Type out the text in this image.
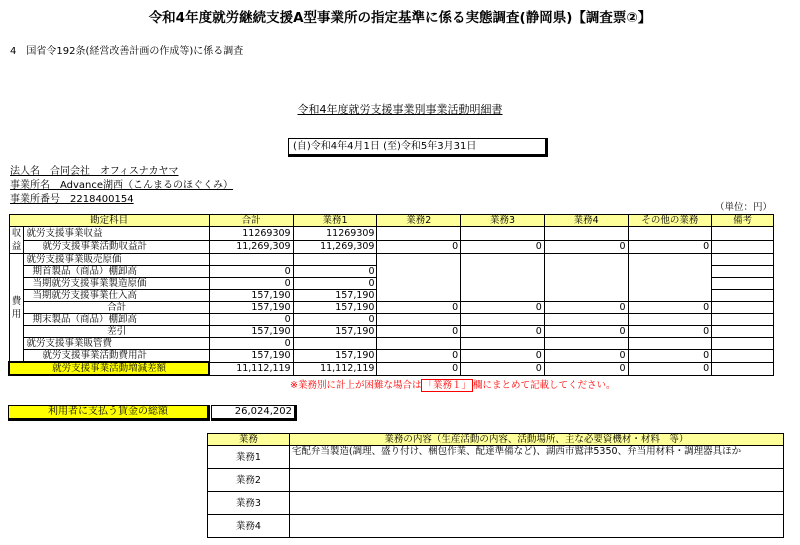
令和4年度就労継続支援A型事業所の指定基準に係る実態調査(静岡県)【調査票②】
4　国省令192条(経営改善計画の作成等)に係る調査
令和4年度就労支援事業別事業活動明細書
(自)令和4年4月1日 (至)令和5年3月31日
法人名　合同会社　オフィスナカヤマ
事業所名　Advance湖西（こんまるのほぐくみ）
事業所番号　2218400154
（単位：円）
勘定科目		合計	業務1	業務2	業務3	業務4	その他の業務	備考
収益	就労支援事業収益	11269309	11269309					
	就労支援事業活動収益計	11,269,309	11,269,309	0	0	0	0	
費用	就労支援事業販売原価							
	期首製品（商品）棚卸高	0	0					
	当期就労支援事業製造原価	0	0					
	当期就労支援事業仕入高	157,190	157,190					
	合計	157,190	157,190	0	0	0	0	
	期末製品（商品）棚卸高	0	0					
	差引	157,190	157,190	0	0	0	0	
	就労支援事業販管費	0						
	就労支援事業活動費用計	157,190	157,190	0	0	0	0	
就労支援事業活動増減差額		11,112,119	11,112,119	0	0	0	0	
※業務別に計上が困難な場合は 「業務１」 欄にまとめて記載してください。
利用者に支払う賃金の総額	26,024,202
業務	業務の内容（生産活動の内容、活動場所、主な必要資機材・材料　等）
業務1	宅配弁当製造(調理、盛り付け、梱包作業、配達準備など)、湖西市鷲津5350、弁当用材料・調理器具ほか
業務2	
業務3	
業務4	
